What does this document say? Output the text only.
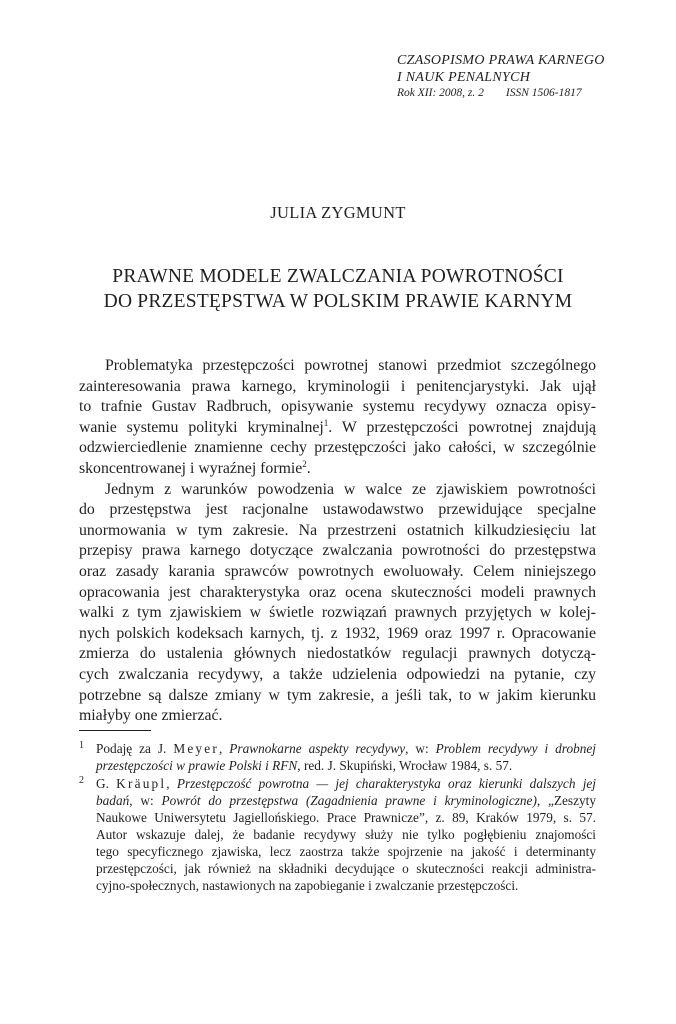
CZASOPISMO PRAWA KARNEGO
I NAUK PENALNYCH
Rok XII: 2008, z. 2 ISSN 1506-1817
JULIA ZYGMUNT
PRAWNE MODELE ZWALCZANIA POWROTNOŚCI
DO PRZESTĘPSTWA W POLSKIM PRAWIE KARNYM
Problematyka przestępczości powrotnej stanowi przedmiot szczególnego
zainteresowania prawa karnego, kryminologii i penitencjarystyki. Jak ujął
to trafnie Gustav Radbruch, opisywanie systemu recydywy oznacza opisy-
wanie systemu polityki kryminalnej$^1$. W przestępczości powrotnej znajdują
odzwierciedlenie znamienne cechy przestępczości jako całości, w szczególnie
skoncentrowanej i wyraźnej formie$^2$.
Jednym z warunków powodzenia w walce ze zjawiskiem powrotności
do przestępstwa jest racjonalne ustawodawstwo przewidujące specjalne
unormowania w tym zakresie. Na przestrzeni ostatnich kilkudziesięciu lat
przepisy prawa karnego dotyczące zwalczania powrotności do przestępstwa
oraz zasady karania sprawców powrotnych ewoluowały. Celem niniejszego
opracowania jest charakterystyka oraz ocena skuteczności modeli prawnych
walki z tym zjawiskiem w świetle rozwiązań prawnych przyjętych w kolej-
nych polskich kodeksach karnych, tj. z 1932, 1969 oraz 1997 r. Opracowanie
zmierza do ustalenia głównych niedostatków regulacji prawnych dotyczą-
cych zwalczania recydywy, a także udzielenia odpowiedzi na pytanie, czy
potrzebne są dalsze zmiany w tym zakresie, a jeśli tak, to w jakim kierunku
miałyby one zmierzać.
1 Podaję za J. Meyer, Prawnokarne aspekty recydywy, w: Problem recydywy i drobnej
przestępczości w prawie Polski i RFN, red. J. Skupiński, Wrocław 1984, s. 57.
2 G. Kräupl, Przestępczość powrotna — jej charakterystyka oraz kierunki dalszych jej
badań, w: Powrót do przestępstwa (Zagadnienia prawne i kryminologiczne), „Zeszyty
Naukowe Uniwersytetu Jagiellońskiego. Prace Prawnicze”, z. 89, Kraków 1979, s. 57.
Autor wskazuje dalej, że badanie recydywy służy nie tylko pogłębieniu znajomości
tego specyficznego zjawiska, lecz zaostrza także spojrzenie na jakość i determinanty
przestępczości, jak również na składniki decydujące o skuteczności reakcji administra-
cyjno-społecznych, nastawionych na zapobieganie i zwalczanie przestępczości.
